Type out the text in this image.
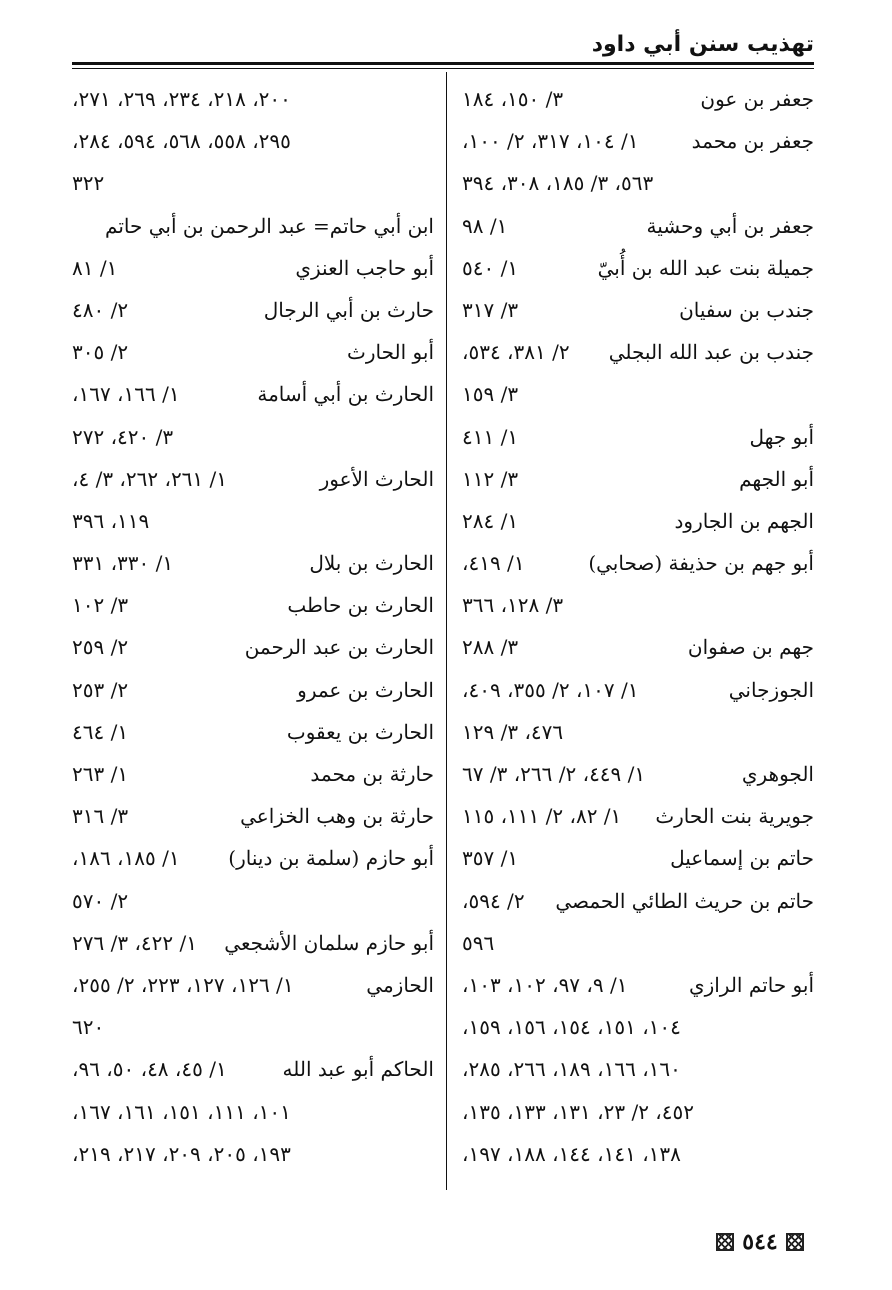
تهذيب سنن أبي داود
جعفر بن عون
٣/ ١٥٠، ١٨٤
جعفر بن محمد
١/ ١٠٤، ٣١٧، ٢/ ١٠٠،
٥٦٣، ٣/ ١٨٥، ٣٠٨، ٣٩٤
جعفر بن أبي وحشية
١/ ٩٨
جميلة بنت عبد الله بن أُبيّ
١/ ٥٤٠
جندب بن سفيان
٣/ ٣١٧
جندب بن عبد الله البجلي
٢/ ٣٨١، ٥٣٤،
٣/ ١٥٩
أبو جهل
١/ ٤١١
أبو الجهم
٣/ ١١٢
الجهم بن الجارود
١/ ٢٨٤
أبو جهم بن حذيفة (صحابي)
١/ ٤١٩،
٣/ ١٢٨، ٣٦٦
جهم بن صفوان
٣/ ٢٨٨
الجوزجاني
١/ ١٠٧، ٢/ ٣٥٥، ٤٠٩،
٤٧٦، ٣/ ١٢٩
الجوهري
١/ ٤٤٩، ٢/ ٢٦٦، ٣/ ٦٧
جويرية بنت الحارث
١/ ٨٢، ٢/ ١١١، ١١٥
حاتم بن إسماعيل
١/ ٣٥٧
حاتم بن حريث الطائي الحمصي
٢/ ٥٩٤،
٥٩٦
أبو حاتم الرازي
١/ ٩، ٩٧، ١٠٢، ١٠٣،
١٠٤، ١٥١، ١٥٤، ١٥٦، ١٥٩،
١٦٠، ١٦٦، ١٨٩، ٢٦٦، ٢٨٥،
٤٥٢، ٢/ ٢٣، ١٣١، ١٣٣، ١٣٥،
١٣٨، ١٤١، ١٤٤، ١٨٨، ١٩٧،
٢٠٠، ٢١٨، ٢٣٤، ٢٦٩، ٢٧١،
٢٩٥، ٥٥٨، ٥٦٨، ٥٩٤، ٢٨٤،
٣٢٢
ابن أبي حاتم= عبد الرحمن بن أبي حاتم
أبو حاجب العنزي
١/ ٨١
حارث بن أبي الرجال
٢/ ٤٨٠
أبو الحارث
٢/ ٣٠٥
الحارث بن أبي أسامة
١/ ١٦٦، ١٦٧،
٣/ ٤٢٠، ٢٧٢
الحارث الأعور
١/ ٢٦١، ٢٦٢، ٣/ ٤،
١١٩، ٣٩٦
الحارث بن بلال
١/ ٣٣٠، ٣٣١
الحارث بن حاطب
٣/ ١٠٢
الحارث بن عبد الرحمن
٢/ ٢٥٩
الحارث بن عمرو
٢/ ٢٥٣
الحارث بن يعقوب
١/ ٤٦٤
حارثة بن محمد
١/ ٢٦٣
حارثة بن وهب الخزاعي
٣/ ٣١٦
أبو حازم (سلمة بن دينار)
١/ ١٨٥، ١٨٦،
٢/ ٥٧٠
أبو حازم سلمان الأشجعي
١/ ٤٢٢، ٣/ ٢٧٦
الحازمي
١/ ١٢٦، ١٢٧، ٢٢٣، ٢/ ٢٥٥،
٦٢٠
الحاكم أبو عبد الله
١/ ٤٥، ٤٨، ٥٠، ٩٦،
١٠١، ١١١، ١٥١، ١٦١، ١٦٧،
١٩٣، ٢٠٥، ٢٠٩، ٢١٧، ٢١٩،
٥٤٤
